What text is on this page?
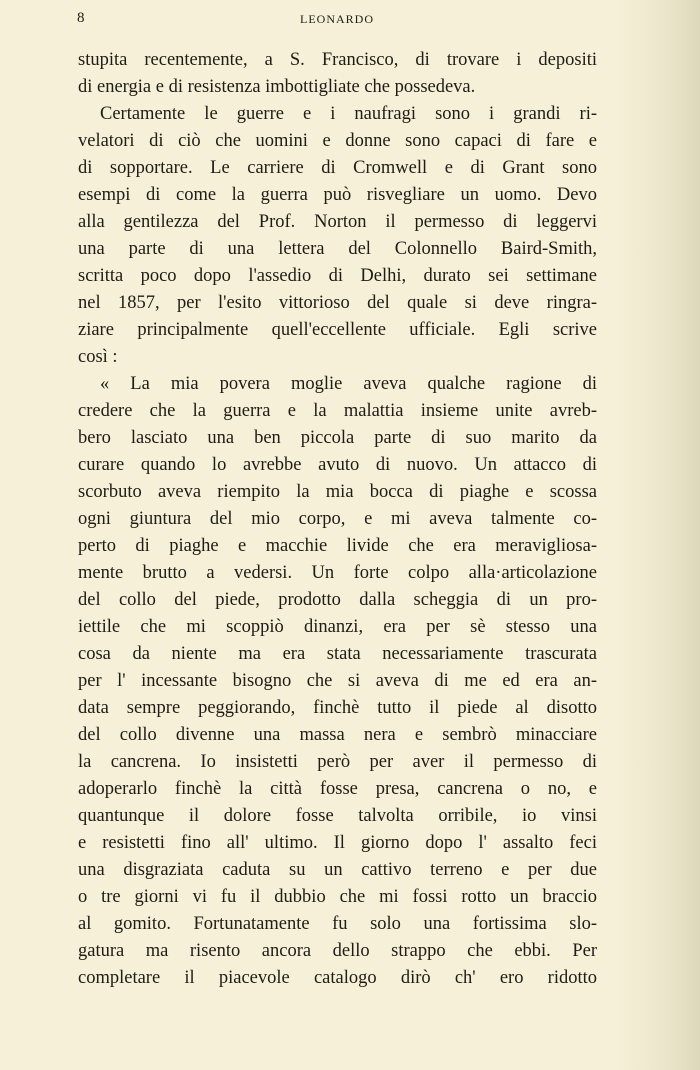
8	LEONARDO
stupita recentemente, a S. Francisco, di trovare i depositi
di energia e di resistenza imbottigliate che possedeva.
Certamente le guerre e i naufragi sono i grandi ri-
velatori di ciò che uomini e donne sono capaci di fare e
di sopportare. Le carriere di Cromwell e di Grant sono
esempi di come la guerra può risvegliare un uomo. Devo
alla gentilezza del Prof. Norton il permesso di leggervi
una parte di una lettera del Colonnello Baird-Smith,
scritta poco dopo l'assedio di Delhi, durato sei settimane
nel 1857, per l'esito vittorioso del quale si deve ringra-
ziare principalmente quell'eccellente ufficiale. Egli scrive
così :
« La mia povera moglie aveva qualche ragione di
credere che la guerra e la malattia insieme unite avreb-
bero lasciato una ben piccola parte di suo marito da
curare quando lo avrebbe avuto di nuovo. Un attacco di
scorbuto aveva riempito la mia bocca di piaghe e scossa
ogni giuntura del mio corpo, e mi aveva talmente co-
perto di piaghe e macchie livide che era meravigliosa-
mente brutto a vedersi. Un forte colpo alla·articolazione
del collo del piede, prodotto dalla scheggia di un pro-
iettile che mi scoppiò dinanzi, era per sè stesso una
cosa da niente ma era stata necessariamente trascurata
per l' incessante bisogno che si aveva di me ed era an-
data sempre peggiorando, finchè tutto il piede al disotto
del collo divenne una massa nera e sembrò minacciare
la cancrena. Io insistetti però per aver il permesso di
adoperarlo finchè la città fosse presa, cancrena o no, e
quantunque il dolore fosse talvolta orribile, io vinsi
e resistetti fino all' ultimo. Il giorno dopo l' assalto feci
una disgraziata caduta su un cattivo terreno e per due
o tre giorni vi fu il dubbio che mi fossi rotto un braccio
al gomito. Fortunatamente fu solo una fortissima slo-
gatura ma risento ancora dello strappo che ebbi. Per
completare il piacevole catalogo dirò ch' ero ridotto
